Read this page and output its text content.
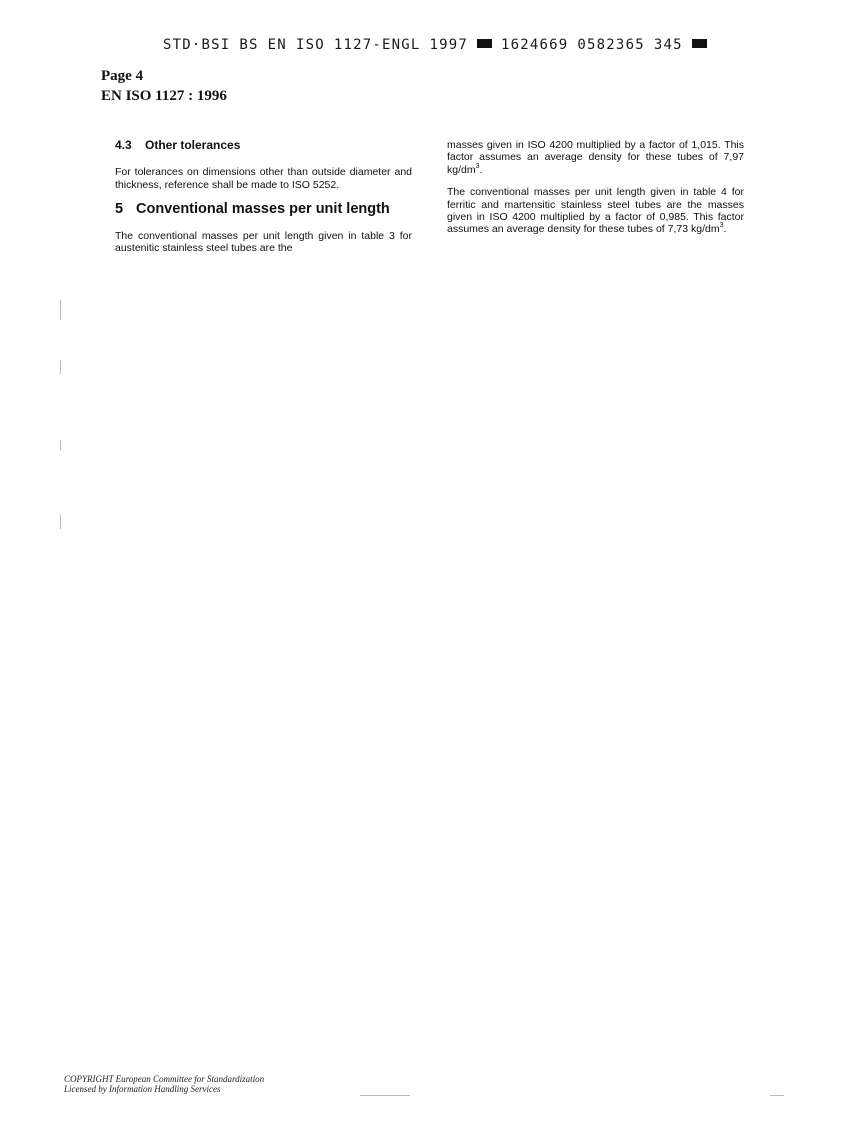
STD·BSI BS EN ISO 1127-ENGL 1997 1624669 0582365 345
Page 4
EN ISO 1127 : 1996
4.3 Other tolerances

For tolerances on dimensions other than outside diameter and thickness, reference shall be made to ISO 5252.

5 Conventional masses per unit length

The conventional masses per unit length given in table 3 for austenitic stainless steel tubes are the

masses given in ISO 4200 multiplied by a factor of 1,015. This factor assumes an average density for these tubes of 7,97 $kg/dm^3$.

The conventional masses per unit length given in table 4 for ferritic and martensitic stainless steel tubes are the masses given in ISO 4200 multiplied by a factor of 0,985. This factor assumes an average density for these tubes of 7,73 $kg/dm^3$.

COPYRIGHT European Committee for Standardization
Licensed by Information Handling Services
